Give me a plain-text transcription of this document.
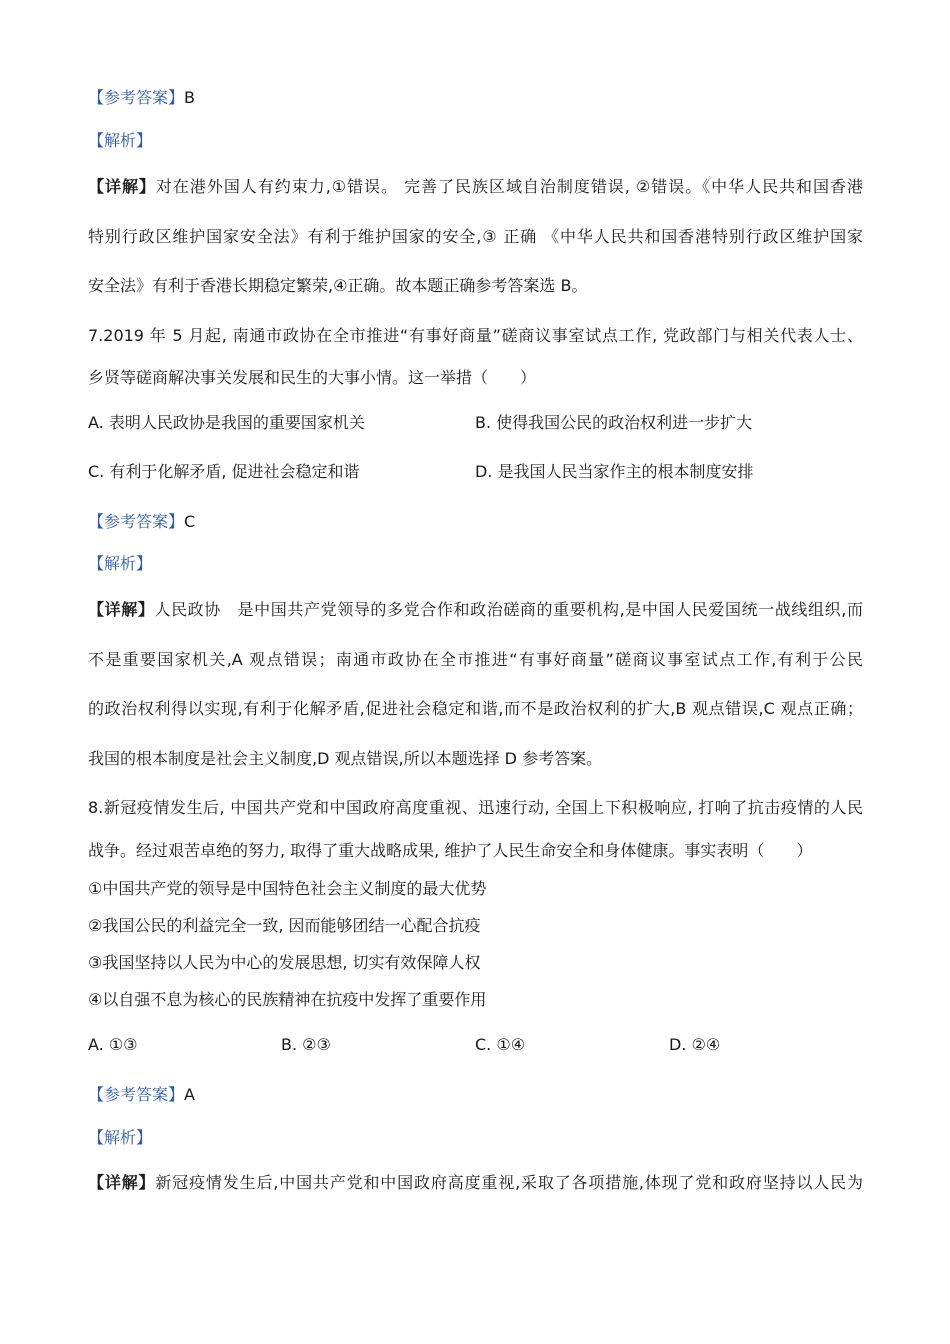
【参考答案】B
【解析】
【详解】对在港外国人有约束力,①错误。 完善了民族区域自治制度错误, ②错误。《中华人民共和国香港
特别行政区维护国家安全法》有利于维护国家的安全,③ 正确 《中华人民共和国香港特别行政区维护国家
安全法》有利于香港长期稳定繁荣,④正确。故本题正确参考答案选 B。
7.2019 年 5 月起, 南通市政协在全市推进“有事好商量”磋商议事室试点工作, 党政部门与相关代表人士、
乡贤等磋商解决事关发展和民生的大事小情。这一举措（　　）
A. 表明人民政协是我国的重要国家机关	B. 使得我国公民的政治权利进一步扩大
C. 有利于化解矛盾, 促进社会稳定和谐	D. 是我国人民当家作主的根本制度安排
【参考答案】C
【解析】
【详解】人民政协　是中国共产党领导的多党合作和政治磋商的重要机构,是中国人民爱国统一战线组织,而
不是重要国家机关,A 观点错误；南通市政协在全市推进“有事好商量”磋商议事室试点工作,有利于公民
的政治权利得以实现,有利于化解矛盾,促进社会稳定和谐,而不是政治权利的扩大,B 观点错误,C 观点正确；
我国的根本制度是社会主义制度,D 观点错误,所以本题选择 D 参考答案。
8.新冠疫情发生后, 中国共产党和中国政府高度重视、迅速行动, 全国上下积极响应, 打响了抗击疫情的人民
战争。经过艰苦卓绝的努力, 取得了重大战略成果, 维护了人民生命安全和身体健康。事实表明（　　）
①中国共产党的领导是中国特色社会主义制度的最大优势
②我国公民的利益完全一致, 因而能够团结一心配合抗疫
③我国坚持以人民为中心的发展思想, 切实有效保障人权
④以自强不息为核心的民族精神在抗疫中发挥了重要作用
A. ①③	B. ②③	C. ①④	D. ②④
【参考答案】A
【解析】
【详解】新冠疫情发生后,中国共产党和中国政府高度重视,采取了各项措施,体现了党和政府坚持以人民为
